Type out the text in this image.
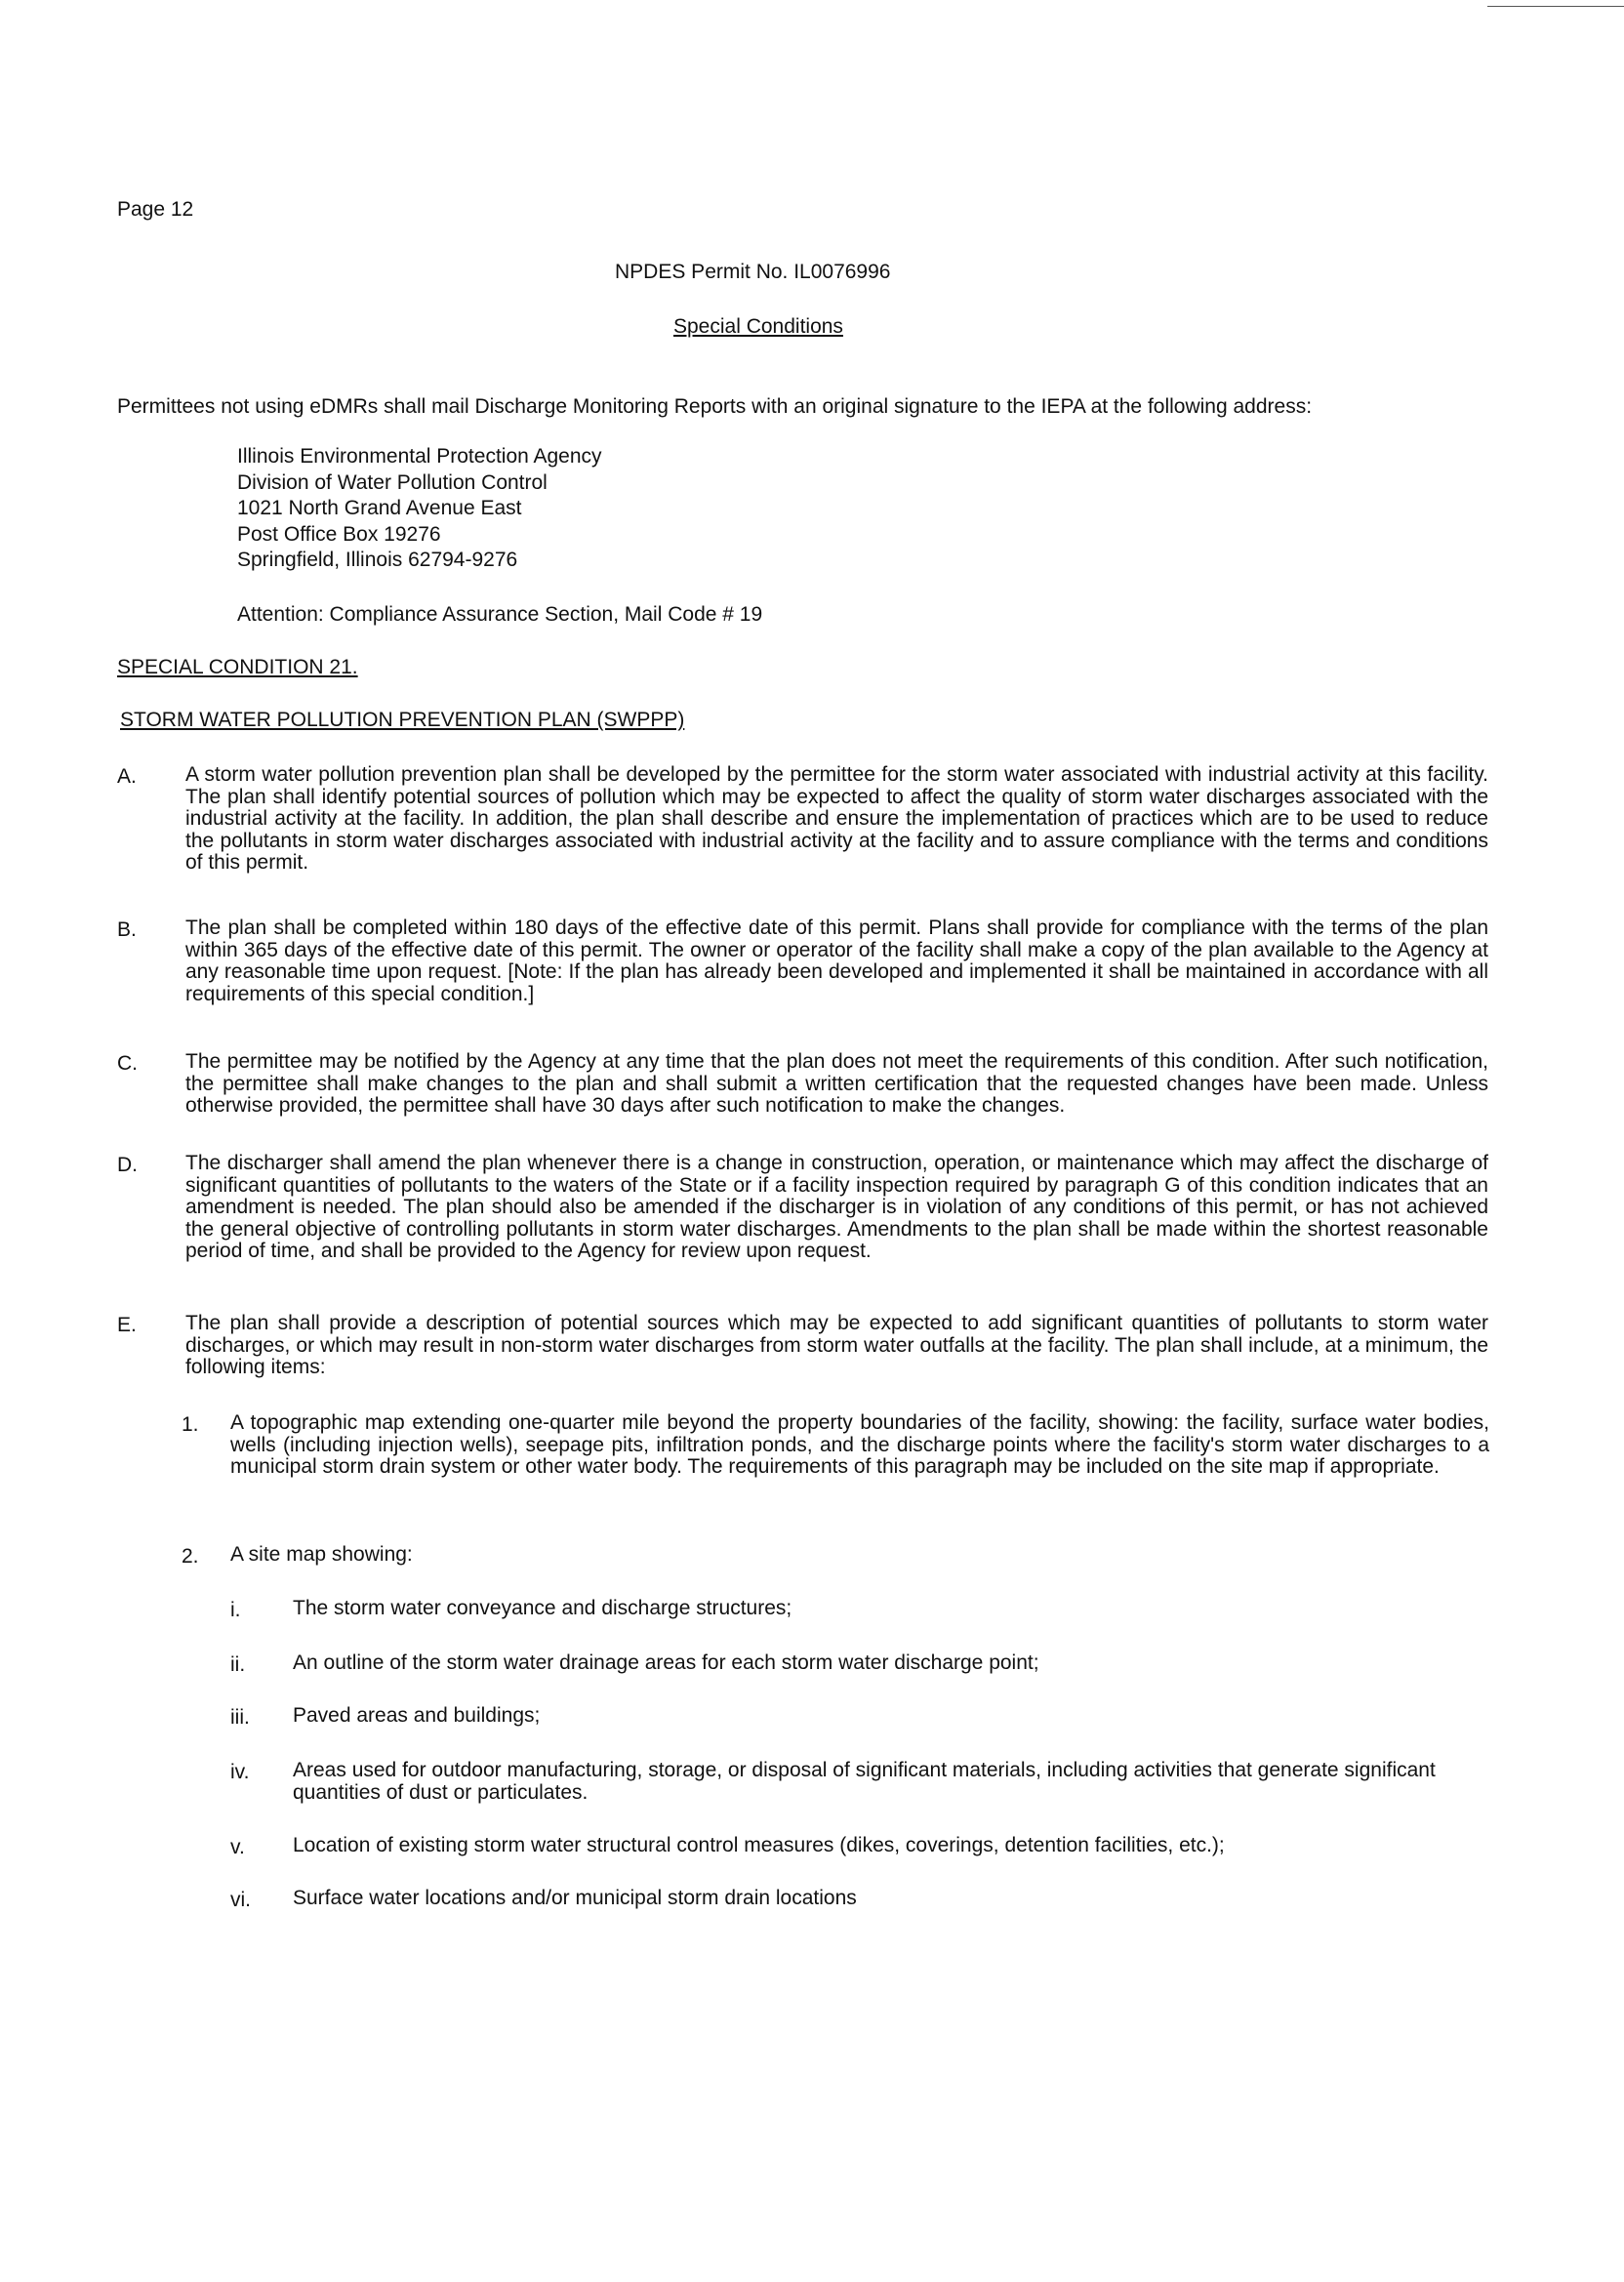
Page 12
NPDES Permit No. IL0076996
Special Conditions
Permittees not using eDMRs shall mail Discharge Monitoring Reports with an original signature to the IEPA at the following address:
Illinois Environmental Protection Agency
Division of Water Pollution Control
1021 North Grand Avenue East
Post Office Box 19276
Springfield, Illinois 62794-9276
Attention: Compliance Assurance Section, Mail Code # 19
SPECIAL CONDITION 21.
STORM WATER POLLUTION PREVENTION PLAN (SWPPP)
A. A storm water pollution prevention plan shall be developed by the permittee for the storm water associated with industrial activity at this facility. The plan shall identify potential sources of pollution which may be expected to affect the quality of storm water discharges associated with the industrial activity at the facility. In addition, the plan shall describe and ensure the implementation of practices which are to be used to reduce the pollutants in storm water discharges associated with industrial activity at the facility and to assure compliance with the terms and conditions of this permit.
B. The plan shall be completed within 180 days of the effective date of this permit. Plans shall provide for compliance with the terms of the plan within 365 days of the effective date of this permit. The owner or operator of the facility shall make a copy of the plan available to the Agency at any reasonable time upon request. [Note: If the plan has already been developed and implemented it shall be maintained in accordance with all requirements of this special condition.]
C. The permittee may be notified by the Agency at any time that the plan does not meet the requirements of this condition. After such notification, the permittee shall make changes to the plan and shall submit a written certification that the requested changes have been made. Unless otherwise provided, the permittee shall have 30 days after such notification to make the changes.
D. The discharger shall amend the plan whenever there is a change in construction, operation, or maintenance which may affect the discharge of significant quantities of pollutants to the waters of the State or if a facility inspection required by paragraph G of this condition indicates that an amendment is needed. The plan should also be amended if the discharger is in violation of any conditions of this permit, or has not achieved the general objective of controlling pollutants in storm water discharges. Amendments to the plan shall be made within the shortest reasonable period of time, and shall be provided to the Agency for review upon request.
E. The plan shall provide a description of potential sources which may be expected to add significant quantities of pollutants to storm water discharges, or which may result in non-storm water discharges from storm water outfalls at the facility. The plan shall include, at a minimum, the following items:
1. A topographic map extending one-quarter mile beyond the property boundaries of the facility, showing: the facility, surface water bodies, wells (including injection wells), seepage pits, infiltration ponds, and the discharge points where the facility's storm water discharges to a municipal storm drain system or other water body. The requirements of this paragraph may be included on the site map if appropriate.
2. A site map showing:
i.	The storm water conveyance and discharge structures;
ii. An outline of the storm water drainage areas for each storm water discharge point;
iii. Paved areas and buildings;
iv. Areas used for outdoor manufacturing, storage, or disposal of significant materials, including activities that generate significant quantities of dust or particulates.
v. Location of existing storm water structural control measures (dikes, coverings, detention facilities, etc.);
vi. Surface water locations and/or municipal storm drain locations
